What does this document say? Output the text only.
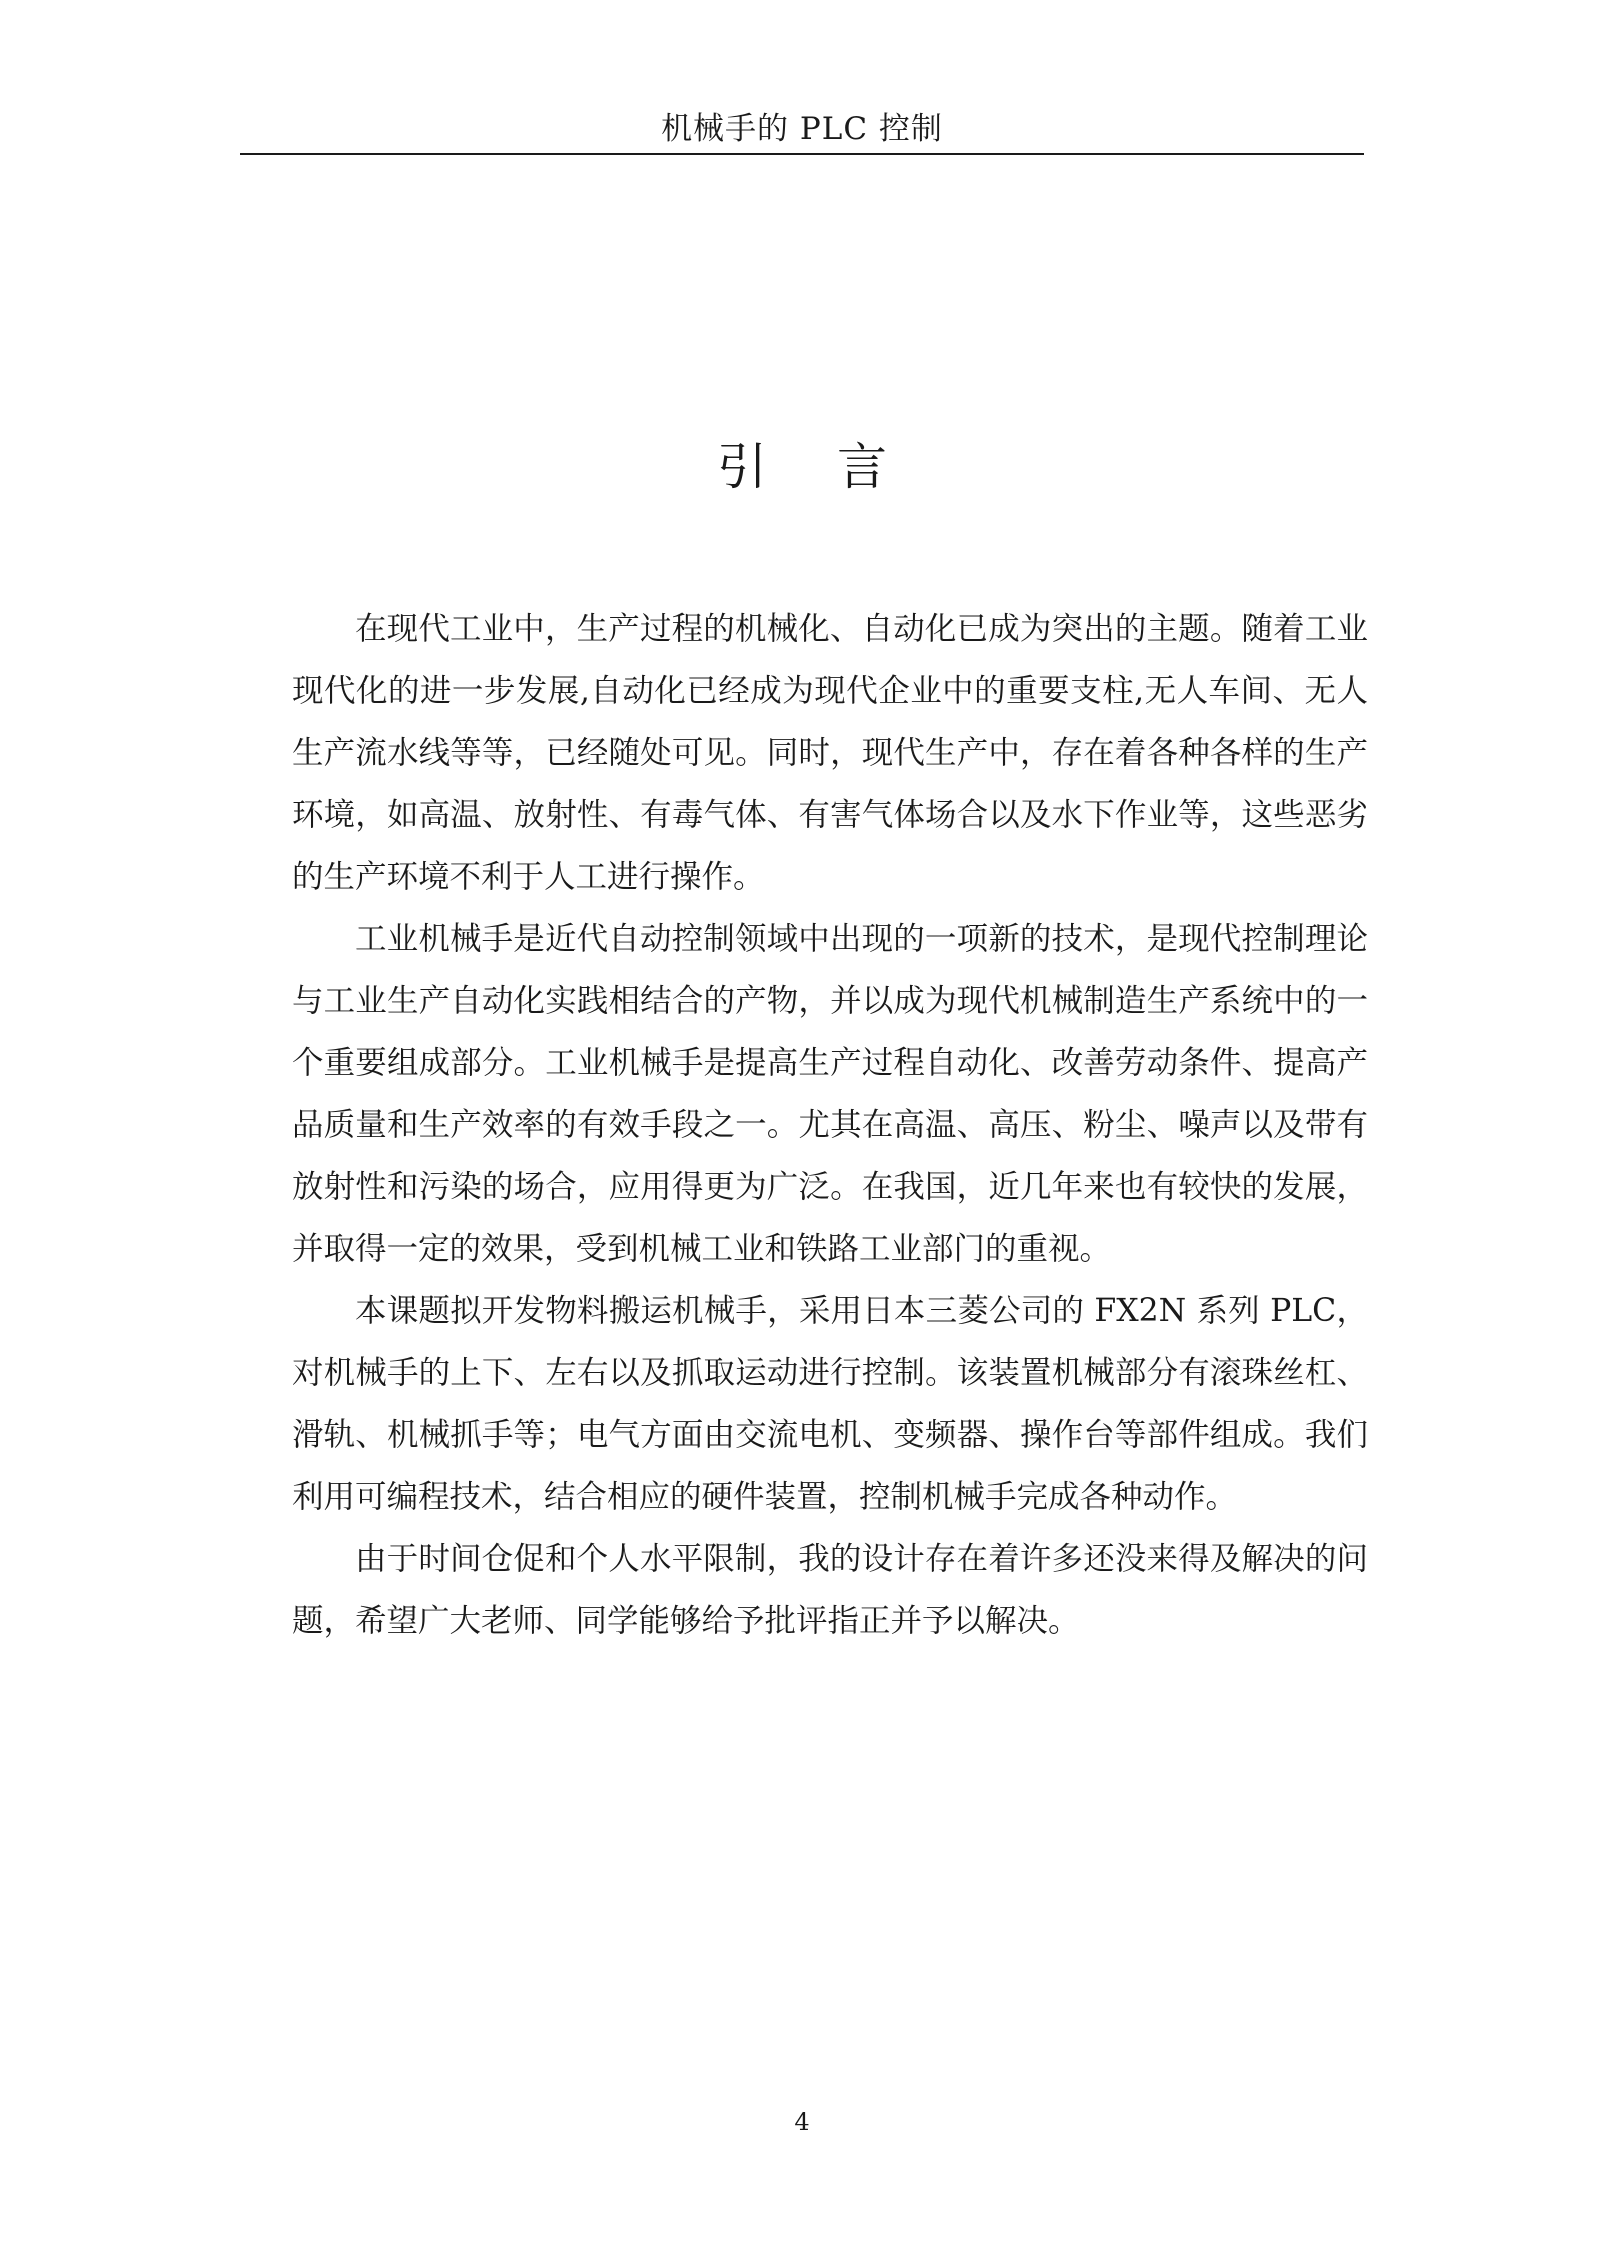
机械手的 PLC 控制
引言

在现代工业中，生产过程的机械化、自动化已成为突出的主题。随着工业现代化的进一步发展,自动化已经成为现代企业中的重要支柱,无人车间、无人生产流水线等等，已经随处可见。同时，现代生产中，存在着各种各样的生产环境，如高温、放射性、有毒气体、有害气体场合以及水下作业等，这些恶劣的生产环境不利于人工进行操作。

工业机械手是近代自动控制领域中出现的一项新的技术，是现代控制理论与工业生产自动化实践相结合的产物，并以成为现代机械制造生产系统中的一个重要组成部分。工业机械手是提高生产过程自动化、改善劳动条件、提高产品质量和生产效率的有效手段之一。尤其在高温、高压、粉尘、噪声以及带有放射性和污染的场合，应用得更为广泛。在我国，近几年来也有较快的发展，并取得一定的效果，受到机械工业和铁路工业部门的重视。

本课题拟开发物料搬运机械手，采用日本三菱公司的 FX2N 系列 PLC，对机械手的上下、左右以及抓取运动进行控制。该装置机械部分有滚珠丝杠、滑轨、机械抓手等；电气方面由交流电机、变频器、操作台等部件组成。我们利用可编程技术，结合相应的硬件装置，控制机械手完成各种动作。

由于时间仓促和个人水平限制，我的设计存在着许多还没来得及解决的问题，希望广大老师、同学能够给予批评指正并予以解决。

4
